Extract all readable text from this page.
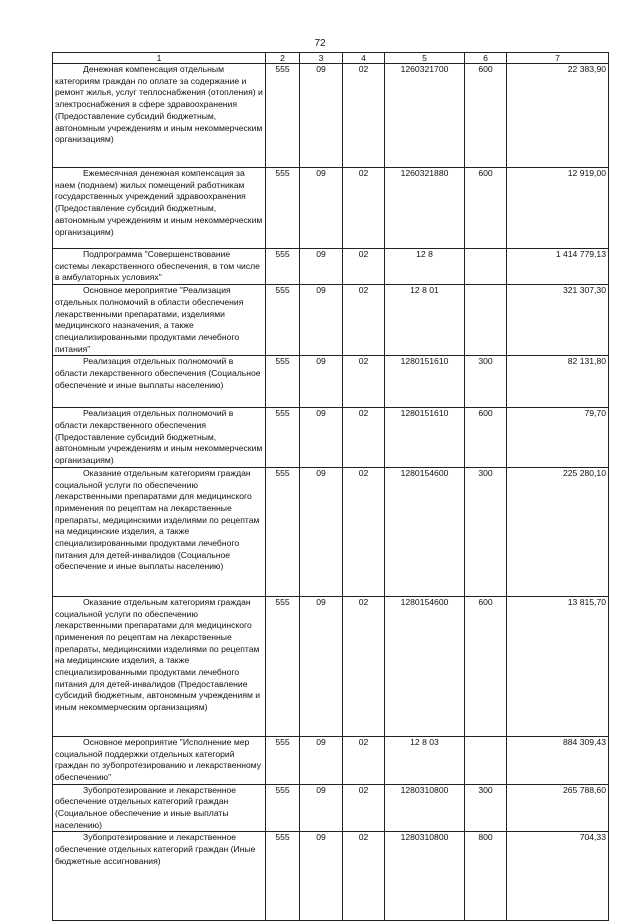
72
1	2	3	4	5	6	7
Денежная компенсация отдельным категориям граждан по оплате за содержание и ремонт жилья, услуг теплоснабжения (отопления) и электроснабжения в сфере здравоохранения (Предоставление субсидий бюджетным, автономным учреждениям и иным некоммерческим организациям)	555	09	02	1260321700	600	22 383,90
Ежемесячная денежная компенсация за наем (поднаем) жилых помещений работникам государственных учреждений здравоохранения (Предоставление субсидий бюджетным, автономным учреждениям и иным некоммерческим организациям)	555	09	02	1260321880	600	12 919,00
Подпрограмма "Совершенствование системы лекарственного обеспечения, в том числе в амбулаторных условиях"	555	09	02	12 8		1 414 779,13
Основное мероприятие "Реализация отдельных полномочий в области обеспечения лекарственными препаратами, изделиями медицинского назначения, а также специализированными продуктами лечебного питания"	555	09	02	12 8 01		321 307,30
Реализация отдельных полномочий в области лекарственного обеспечения (Социальное обеспечение и иные выплаты населению)	555	09	02	1280151610	300	82 131,80
Реализация отдельных полномочий в области лекарственного обеспечения (Предоставление субсидий бюджетным, автономным учреждениям и иным некоммерческим организациям)	555	09	02	1280151610	600	79,70
Оказание отдельным категориям граждан социальной услуги по обеспечению лекарственными препаратами для медицинского применения по рецептам на лекарственные препараты, медицинскими изделиями по рецептам на медицинские изделия, а также специализированными продуктами лечебного питания для детей-инвалидов (Социальное обеспечение и иные выплаты населению)	555	09	02	1280154600	300	225 280,10
Оказание отдельным категориям граждан социальной услуги по обеспечению лекарственными препаратами для медицинского применения по рецептам на лекарственные препараты, медицинскими изделиями по рецептам на медицинские изделия, а также специализированными продуктами лечебного питания для детей-инвалидов (Предоставление субсидий бюджетным, автономным учреждениям и иным некоммерческим организациям)	555	09	02	1280154600	600	13 815,70
Основное мероприятие "Исполнение мер социальной поддержки отдельных категорий граждан по зубопротезированию и лекарственному обеспечению"	555	09	02	12 8 03		884 309,43
Зубопротезирование и лекарственное обеспечение отдельных категорий граждан (Социальное обеспечение и иные выплаты населению)	555	09	02	1280310800	300	265 788,60
Зубопротезирование и лекарственное обеспечение отдельных категорий граждан (Иные бюджетные ассигнования)	555	09	02	1280310800	800	704,33
